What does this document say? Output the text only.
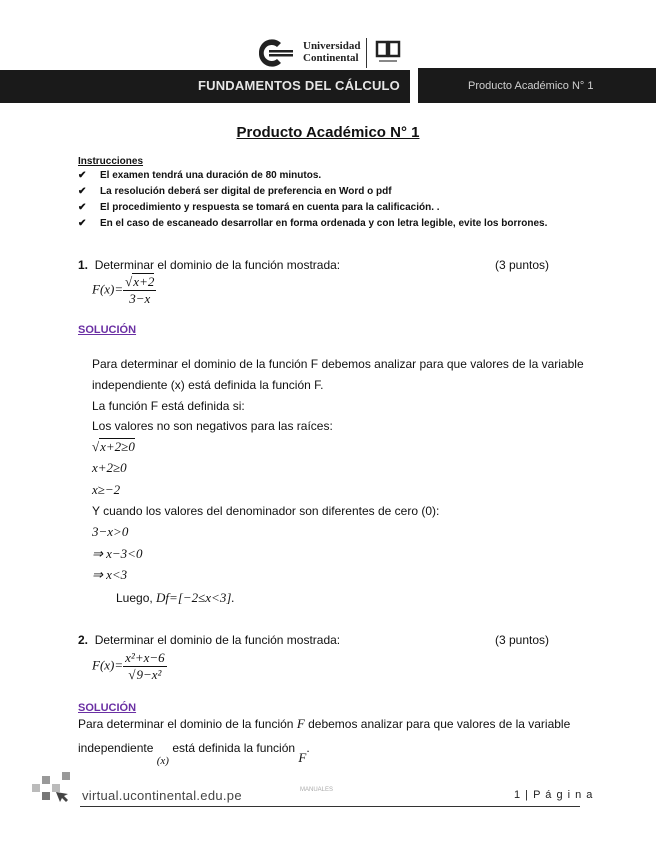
Universidad
Continental
FUNDAMENTOS DEL CÁLCULO	Producto Académico N° 1
Producto Académico N° 1
Instrucciones
✔ El examen tendrá una duración de 80 minutos.
✔ La resolución deberá ser digital de preferencia en Word o pdf
✔ El procedimiento y respuesta se tomará en cuenta para la calificación. .
✔ En el caso de escaneado desarrollar en forma ordenada y con letra legible, evite los borrones.
1. Determinar el dominio de la función mostrada:	(3 puntos)
$F(x)= \frac{√x+2}{3-x}$
SOLUCIÓN
Para determinar el dominio de la función F debemos analizar para que valores de la variable
independiente (x) está definida la función F.
La función F está definida si:
Los valores no son negativos para las raíces:
√x+2≥0
x+2≥0
x≥−2
Y cuando los valores del denominador son diferentes de cero (0):
3−x>0
⇒ x−3<0
⇒ x<3
Luego, Df=[−2≤x<3].
2. Determinar el dominio de la función mostrada:	(3 puntos)
$F(x)= \frac{\text{x²+x−6}}{\text{√9−x²}}$
SOLUCIÓN
Para determinar el dominio de la función F debemos analizar para que valores de la variable
independiente (x) está definida la función F.
virtual.ucontinental.edu.pe	MANUALES	1 | P á g i n a
